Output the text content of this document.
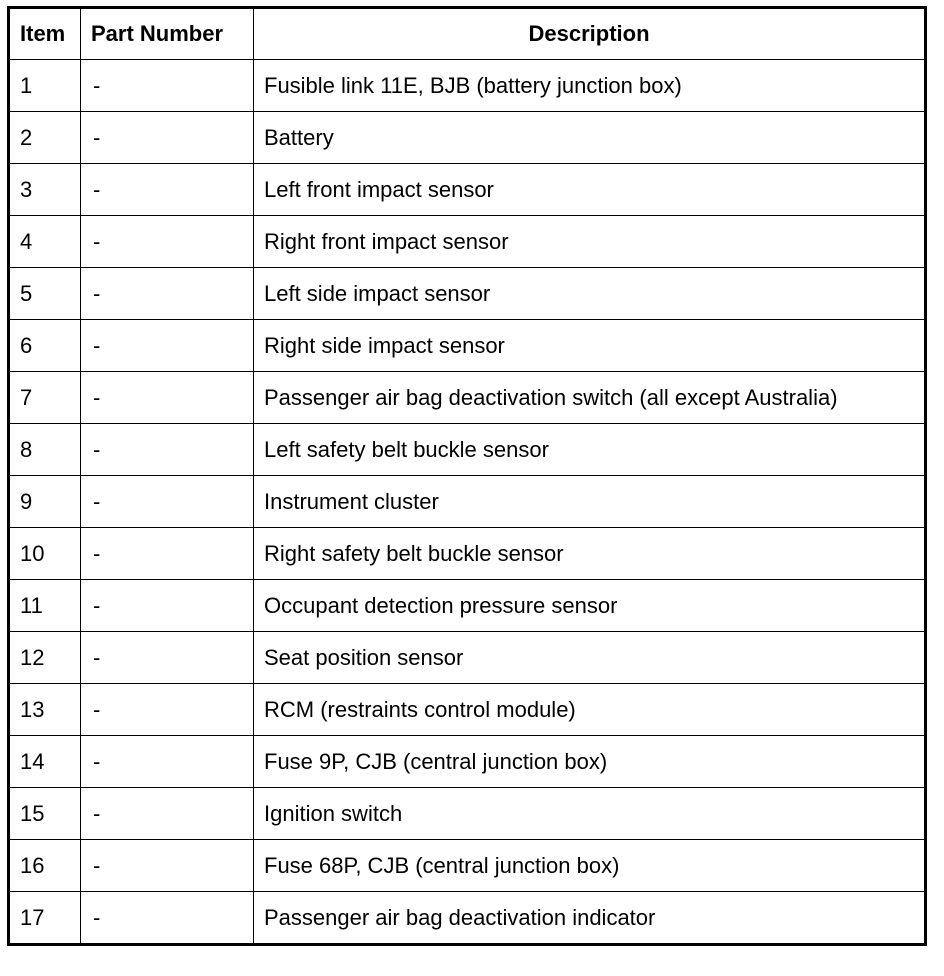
Item	Part Number	Description
1	-	Fusible link 11E, BJB (battery junction box)
2	-	Battery
3	-	Left front impact sensor
4	-	Right front impact sensor
5	-	Left side impact sensor
6	-	Right side impact sensor
7	-	Passenger air bag deactivation switch (all except Australia)
8	-	Left safety belt buckle sensor
9	-	Instrument cluster
10	-	Right safety belt buckle sensor
11	-	Occupant detection pressure sensor
12	-	Seat position sensor
13	-	RCM (restraints control module)
14	-	Fuse 9P, CJB (central junction box)
15	-	Ignition switch
16	-	Fuse 68P, CJB (central junction box)
17	-	Passenger air bag deactivation indicator
